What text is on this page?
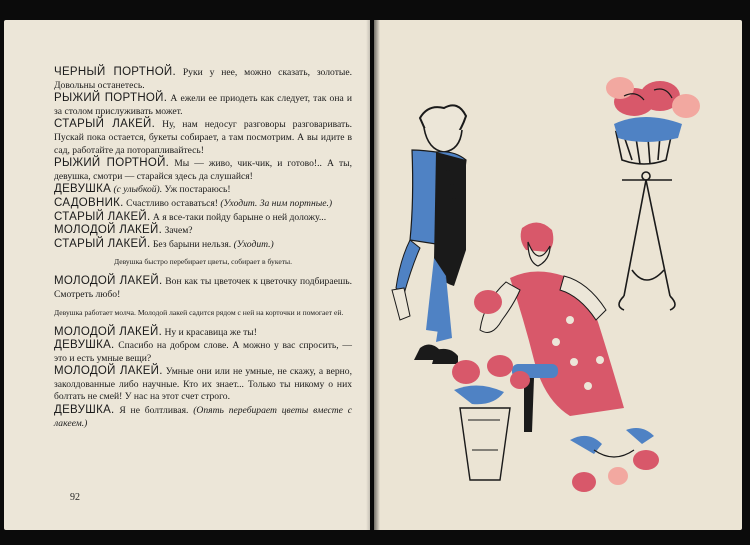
ЧЕРНЫЙ ПОРТНОЙ. Руки у нее, можно сказать, золотые. Довольны останетесь.

РЫЖИЙ ПОРТНОЙ. А ежели ее приодеть как следует, так она и за столом прислуживать может.

СТАРЫЙ ЛАКЕЙ. Ну, нам недосуг разговоры разговаривать. Пускай пока остается, букеты собирает, а там посмотрим. А вы идите в сад, работайте да поторапливайтесь!

РЫЖИЙ ПОРТНОЙ. Мы — живо, чик-чик, и готово!.. А ты, девушка, смотри — старайся здесь да слушайся!

ДЕВУШКА (с улыбкой). Уж постараюсь!

САДОВНИК. Счастливо оставаться! (Уходит. За ним портные.)

СТАРЫЙ ЛАКЕЙ. А я все-таки пойду барыне о ней доложу...

МОЛОДОЙ ЛАКЕЙ. Зачем?

СТАРЫЙ ЛАКЕЙ. Без барыни нельзя. (Уходит.)

Девушка быстро перебирает цветы, собирает в букеты.

МОЛОДОЙ ЛАКЕЙ. Вон как ты цветочек к цветочку подбираешь. Смотреть любо!

Девушка работает молча. Молодой лакей садится рядом с ней на корточки и помогает ей.

МОЛОДОЙ ЛАКЕЙ. Ну и красавица же ты!

ДЕВУШКА. Спасибо на добром слове. А можно у вас спросить, — это и есть умные вещи?

МОЛОДОЙ ЛАКЕЙ. Умные они или не умные, не скажу, а верно, заколдованные либо научные. Кто их знает... Только ты никому о них болтать не смей! У нас на этот счет строго.

ДЕВУШКА. Я не болтливая. (Опять перебирает цветы вместе с лакеем.)

92
